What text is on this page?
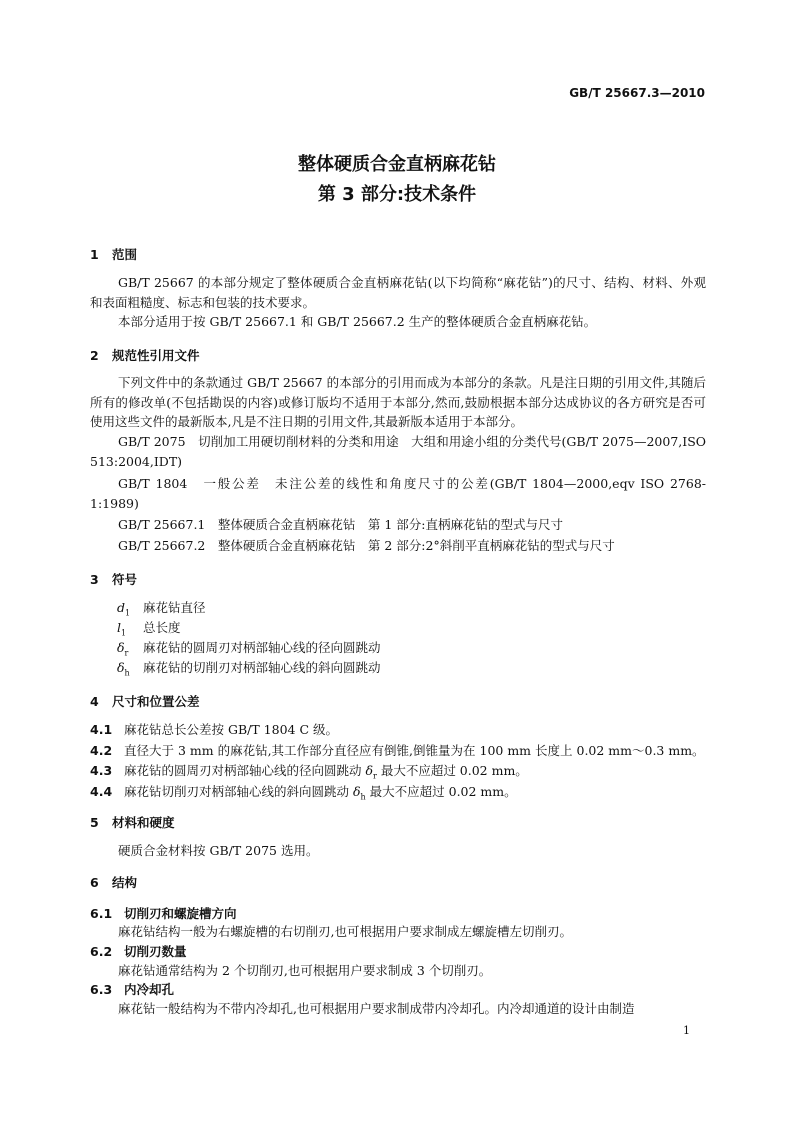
GB/T 25667.3—2010
整体硬质合金直柄麻花钻
第 3 部分:技术条件
1 范围
GB/T 25667 的本部分规定了整体硬质合金直柄麻花钻(以下均简称“麻花钻”)的尺寸、结构、材料、外观和表面粗糙度、标志和包装的技术要求。
本部分适用于按 GB/T 25667.1 和 GB/T 25667.2 生产的整体硬质合金直柄麻花钻。
2 规范性引用文件
下列文件中的条款通过 GB/T 25667 的本部分的引用而成为本部分的条款。凡是注日期的引用文件,其随后所有的修改单(不包括勘误的内容)或修订版均不适用于本部分,然而,鼓励根据本部分达成协议的各方研究是否可使用这些文件的最新版本,凡是不注日期的引用文件,其最新版本适用于本部分。
GB/T 2075　切削加工用硬切削材料的分类和用途　大组和用途小组的分类代号(GB/T 2075—2007,ISO 513:2004,IDT)
GB/T 1804　一般公差　未注公差的线性和角度尺寸的公差(GB/T 1804—2000,eqv ISO 2768-1:1989)
GB/T 25667.1　整体硬质合金直柄麻花钻　第 1 部分:直柄麻花钻的型式与尺寸
GB/T 25667.2　整体硬质合金直柄麻花钻　第 2 部分:2°斜削平直柄麻花钻的型式与尺寸
3 符号
$d_1$ 麻花钻直径
$l_1$ 总长度
$\delta_r$ 麻花钻的圆周刃对柄部轴心线的径向圆跳动
$\delta_h$ 麻花钻的切削刃对柄部轴心线的斜向圆跳动
4 尺寸和位置公差
4.1 麻花钻总长公差按 GB/T 1804 C 级。
4.2 直径大于 3 mm 的麻花钻,其工作部分直径应有倒锥,倒锥量为在 100 mm 长度上 0.02 mm～0.3 mm。
4.3 麻花钻的圆周刃对柄部轴心线的径向圆跳动 $\delta_r$ 最大不应超过 0.02 mm。
4.4 麻花钻切削刃对柄部轴心线的斜向圆跳动 $\delta_h$ 最大不应超过 0.02 mm。
5 材料和硬度
硬质合金材料按 GB/T 2075 选用。
6 结构
6.1 切削刃和螺旋槽方向
麻花钻结构一般为右螺旋槽的右切削刃,也可根据用户要求制成左螺旋槽左切削刃。
6.2 切削刃数量
麻花钻通常结构为 2 个切削刃,也可根据用户要求制成 3 个切削刃。
6.3 内冷却孔
麻花钻一般结构为不带内冷却孔,也可根据用户要求制成带内冷却孔。内冷却通道的设计由制造
1
